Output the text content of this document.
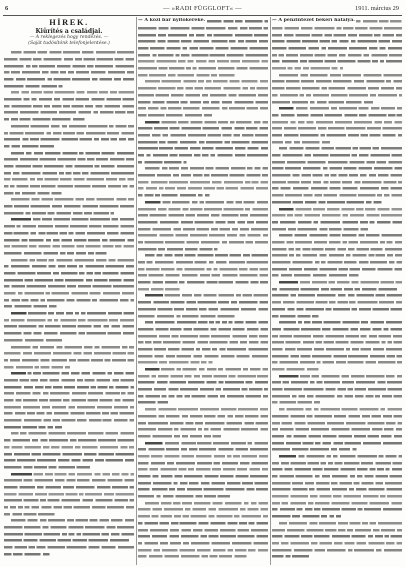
6	— »RADI FÜGGLOFT« —	1911. március 29
HÍREK.
Kiürítés a családjai.
— A reklegezés hogy rendezés. —
(Saját tudósítónk telefonjelentése.)
— A közi bar nyitókeréke.	— A pénzintézet bekérí hatalya.
